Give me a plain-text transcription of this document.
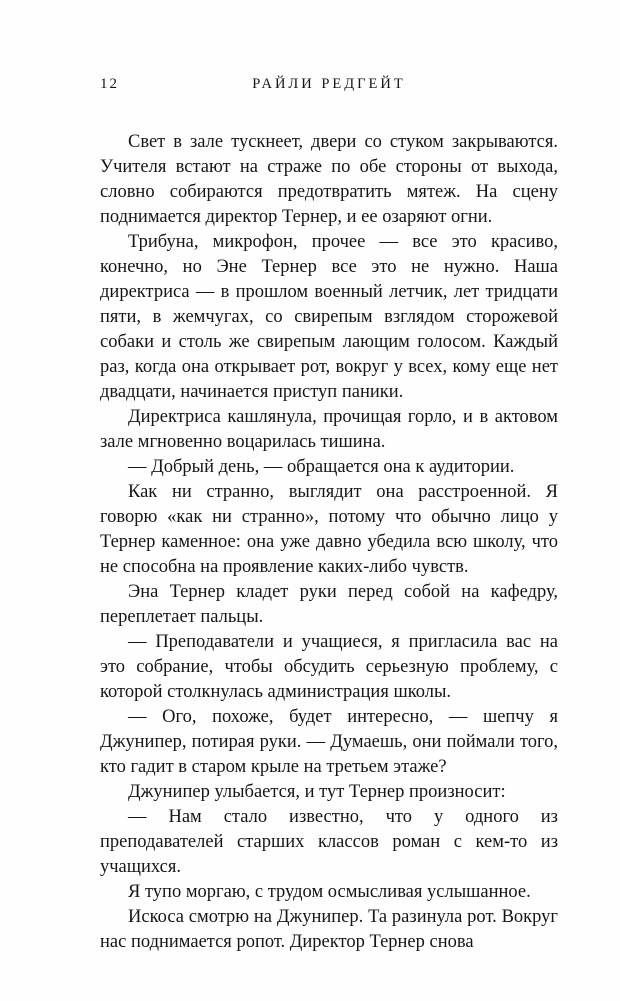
12	РАЙЛИ РЕДГЕЙТ

Свет в зале тускнеет, двери со стуком закрываются. Учителя встают на страже по обе стороны от выхода, словно собираются предотвратить мятеж. На сцену поднимается директор Тернер, и ее озаряют огни.

Трибуна, микрофон, прочее — все это красиво, конечно, но Эне Тернер все это не нужно. Наша директриса — в прошлом военный летчик, лет тридцати пяти, в жемчугах, со свирепым взглядом сторожевой собаки и столь же свирепым лающим голосом. Каждый раз, когда она открывает рот, вокруг у всех, кому еще нет двадцати, начинается приступ паники.

Директриса кашлянула, прочищая горло, и в актовом зале мгновенно воцарилась тишина.

— Добрый день, — обращается она к аудитории.

Как ни странно, выглядит она расстроенной. Я говорю «как ни странно», потому что обычно лицо у Тернер каменное: она уже давно убедила всю школу, что не способна на проявление каких-либо чувств.

Эна Тернер кладет руки перед собой на кафедру, переплетает пальцы.

— Преподаватели и учащиеся, я пригласила вас на это собрание, чтобы обсудить серьезную проблему, с которой столкнулась администрация школы.

— Ого, похоже, будет интересно, — шепчу я Джунипер, потирая руки. — Думаешь, они поймали того, кто гадит в старом крыле на третьем этаже?

Джунипер улыбается, и тут Тернер произносит:

— Нам стало известно, что у одного из преподавателей старших классов роман с кем-то из учащихся.

Я тупо моргаю, с трудом осмысливая услышанное.

Искоса смотрю на Джунипер. Та разинула рот. Вокруг нас поднимается ропот. Директор Тернер снова
